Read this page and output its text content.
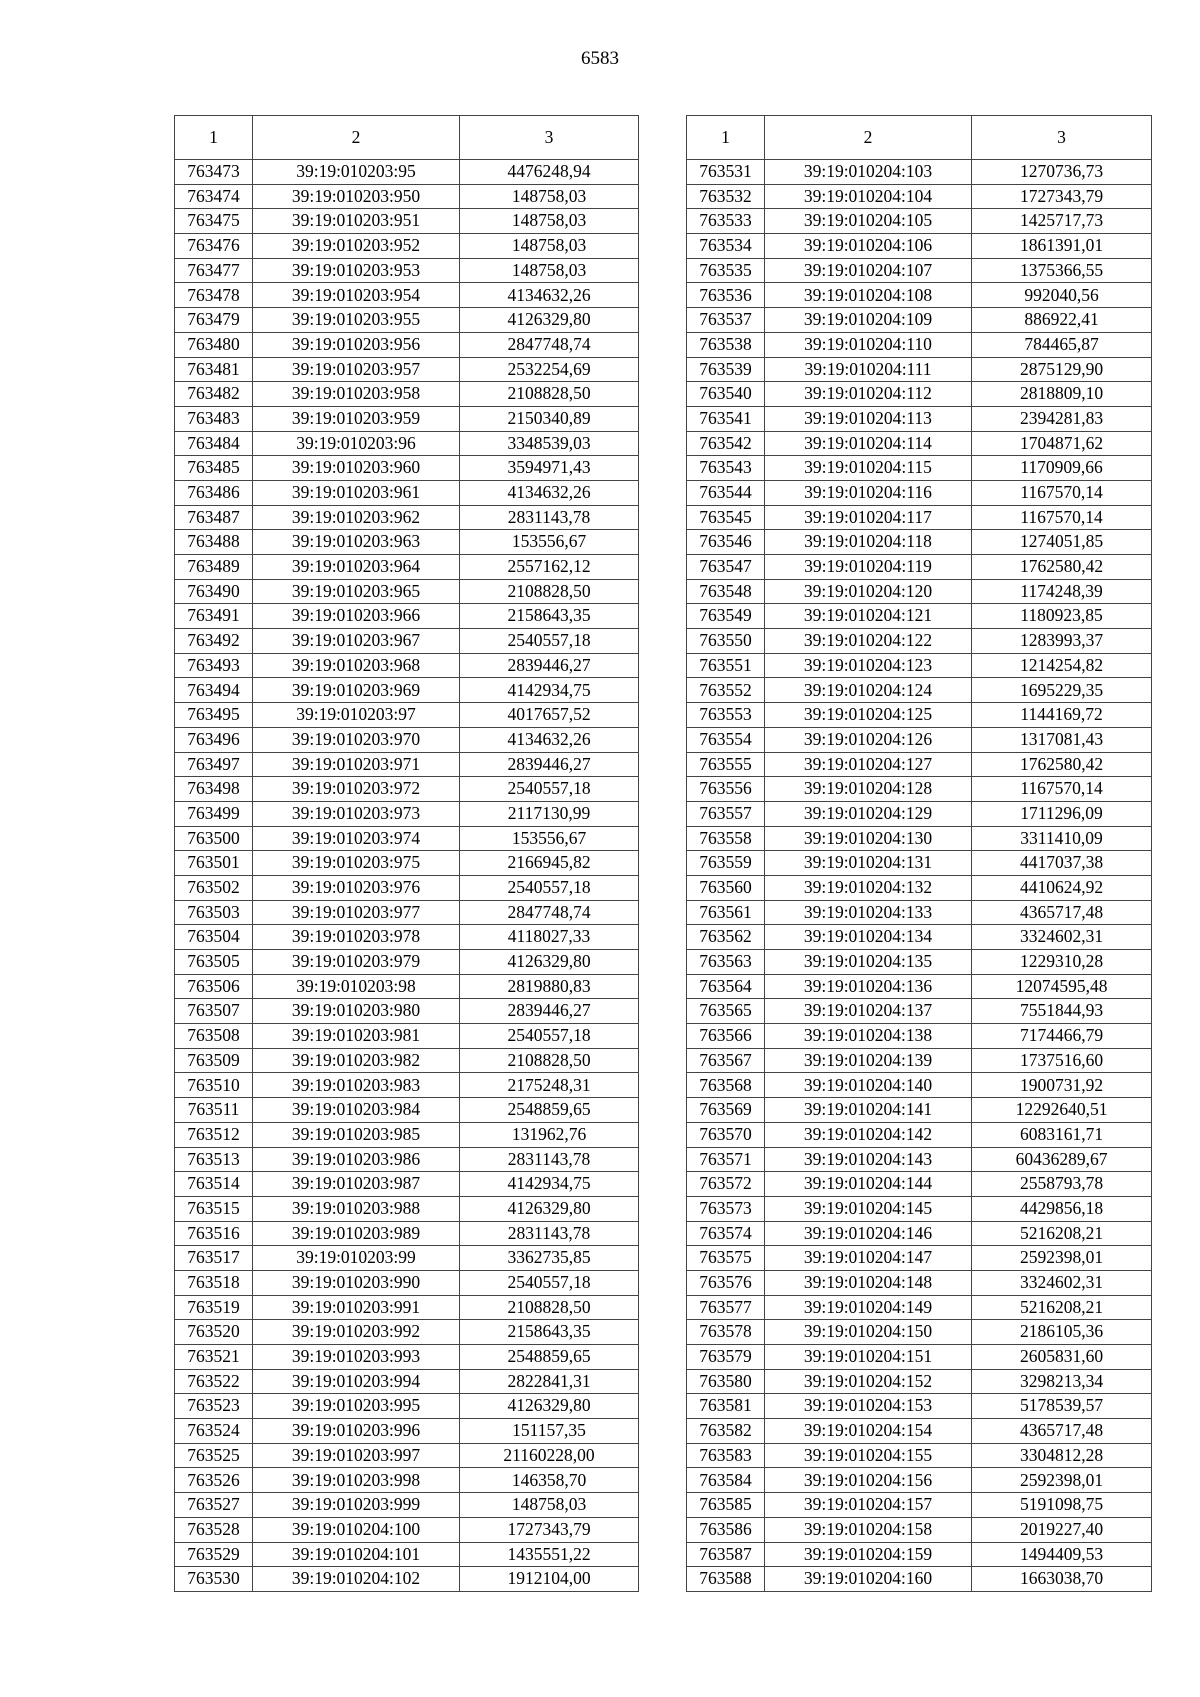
6583
1	2	3
763473	39:19:010203:95	4476248,94
763474	39:19:010203:950	148758,03
763475	39:19:010203:951	148758,03
763476	39:19:010203:952	148758,03
763477	39:19:010203:953	148758,03
763478	39:19:010203:954	4134632,26
763479	39:19:010203:955	4126329,80
763480	39:19:010203:956	2847748,74
763481	39:19:010203:957	2532254,69
763482	39:19:010203:958	2108828,50
763483	39:19:010203:959	2150340,89
763484	39:19:010203:96	3348539,03
763485	39:19:010203:960	3594971,43
763486	39:19:010203:961	4134632,26
763487	39:19:010203:962	2831143,78
763488	39:19:010203:963	153556,67
763489	39:19:010203:964	2557162,12
763490	39:19:010203:965	2108828,50
763491	39:19:010203:966	2158643,35
763492	39:19:010203:967	2540557,18
763493	39:19:010203:968	2839446,27
763494	39:19:010203:969	4142934,75
763495	39:19:010203:97	4017657,52
763496	39:19:010203:970	4134632,26
763497	39:19:010203:971	2839446,27
763498	39:19:010203:972	2540557,18
763499	39:19:010203:973	2117130,99
763500	39:19:010203:974	153556,67
763501	39:19:010203:975	2166945,82
763502	39:19:010203:976	2540557,18
763503	39:19:010203:977	2847748,74
763504	39:19:010203:978	4118027,33
763505	39:19:010203:979	4126329,80
763506	39:19:010203:98	2819880,83
763507	39:19:010203:980	2839446,27
763508	39:19:010203:981	2540557,18
763509	39:19:010203:982	2108828,50
763510	39:19:010203:983	2175248,31
763511	39:19:010203:984	2548859,65
763512	39:19:010203:985	131962,76
763513	39:19:010203:986	2831143,78
763514	39:19:010203:987	4142934,75
763515	39:19:010203:988	4126329,80
763516	39:19:010203:989	2831143,78
763517	39:19:010203:99	3362735,85
763518	39:19:010203:990	2540557,18
763519	39:19:010203:991	2108828,50
763520	39:19:010203:992	2158643,35
763521	39:19:010203:993	2548859,65
763522	39:19:010203:994	2822841,31
763523	39:19:010203:995	4126329,80
763524	39:19:010203:996	151157,35
763525	39:19:010203:997	21160228,00
763526	39:19:010203:998	146358,70
763527	39:19:010203:999	148758,03
763528	39:19:010204:100	1727343,79
763529	39:19:010204:101	1435551,22
763530	39:19:010204:102	1912104,00
1	2	3
763531	39:19:010204:103	1270736,73
763532	39:19:010204:104	1727343,79
763533	39:19:010204:105	1425717,73
763534	39:19:010204:106	1861391,01
763535	39:19:010204:107	1375366,55
763536	39:19:010204:108	992040,56
763537	39:19:010204:109	886922,41
763538	39:19:010204:110	784465,87
763539	39:19:010204:111	2875129,90
763540	39:19:010204:112	2818809,10
763541	39:19:010204:113	2394281,83
763542	39:19:010204:114	1704871,62
763543	39:19:010204:115	1170909,66
763544	39:19:010204:116	1167570,14
763545	39:19:010204:117	1167570,14
763546	39:19:010204:118	1274051,85
763547	39:19:010204:119	1762580,42
763548	39:19:010204:120	1174248,39
763549	39:19:010204:121	1180923,85
763550	39:19:010204:122	1283993,37
763551	39:19:010204:123	1214254,82
763552	39:19:010204:124	1695229,35
763553	39:19:010204:125	1144169,72
763554	39:19:010204:126	1317081,43
763555	39:19:010204:127	1762580,42
763556	39:19:010204:128	1167570,14
763557	39:19:010204:129	1711296,09
763558	39:19:010204:130	3311410,09
763559	39:19:010204:131	4417037,38
763560	39:19:010204:132	4410624,92
763561	39:19:010204:133	4365717,48
763562	39:19:010204:134	3324602,31
763563	39:19:010204:135	1229310,28
763564	39:19:010204:136	12074595,48
763565	39:19:010204:137	7551844,93
763566	39:19:010204:138	7174466,79
763567	39:19:010204:139	1737516,60
763568	39:19:010204:140	1900731,92
763569	39:19:010204:141	12292640,51
763570	39:19:010204:142	6083161,71
763571	39:19:010204:143	60436289,67
763572	39:19:010204:144	2558793,78
763573	39:19:010204:145	4429856,18
763574	39:19:010204:146	5216208,21
763575	39:19:010204:147	2592398,01
763576	39:19:010204:148	3324602,31
763577	39:19:010204:149	5216208,21
763578	39:19:010204:150	2186105,36
763579	39:19:010204:151	2605831,60
763580	39:19:010204:152	3298213,34
763581	39:19:010204:153	5178539,57
763582	39:19:010204:154	4365717,48
763583	39:19:010204:155	3304812,28
763584	39:19:010204:156	2592398,01
763585	39:19:010204:157	5191098,75
763586	39:19:010204:158	2019227,40
763587	39:19:010204:159	1494409,53
763588	39:19:010204:160	1663038,70
